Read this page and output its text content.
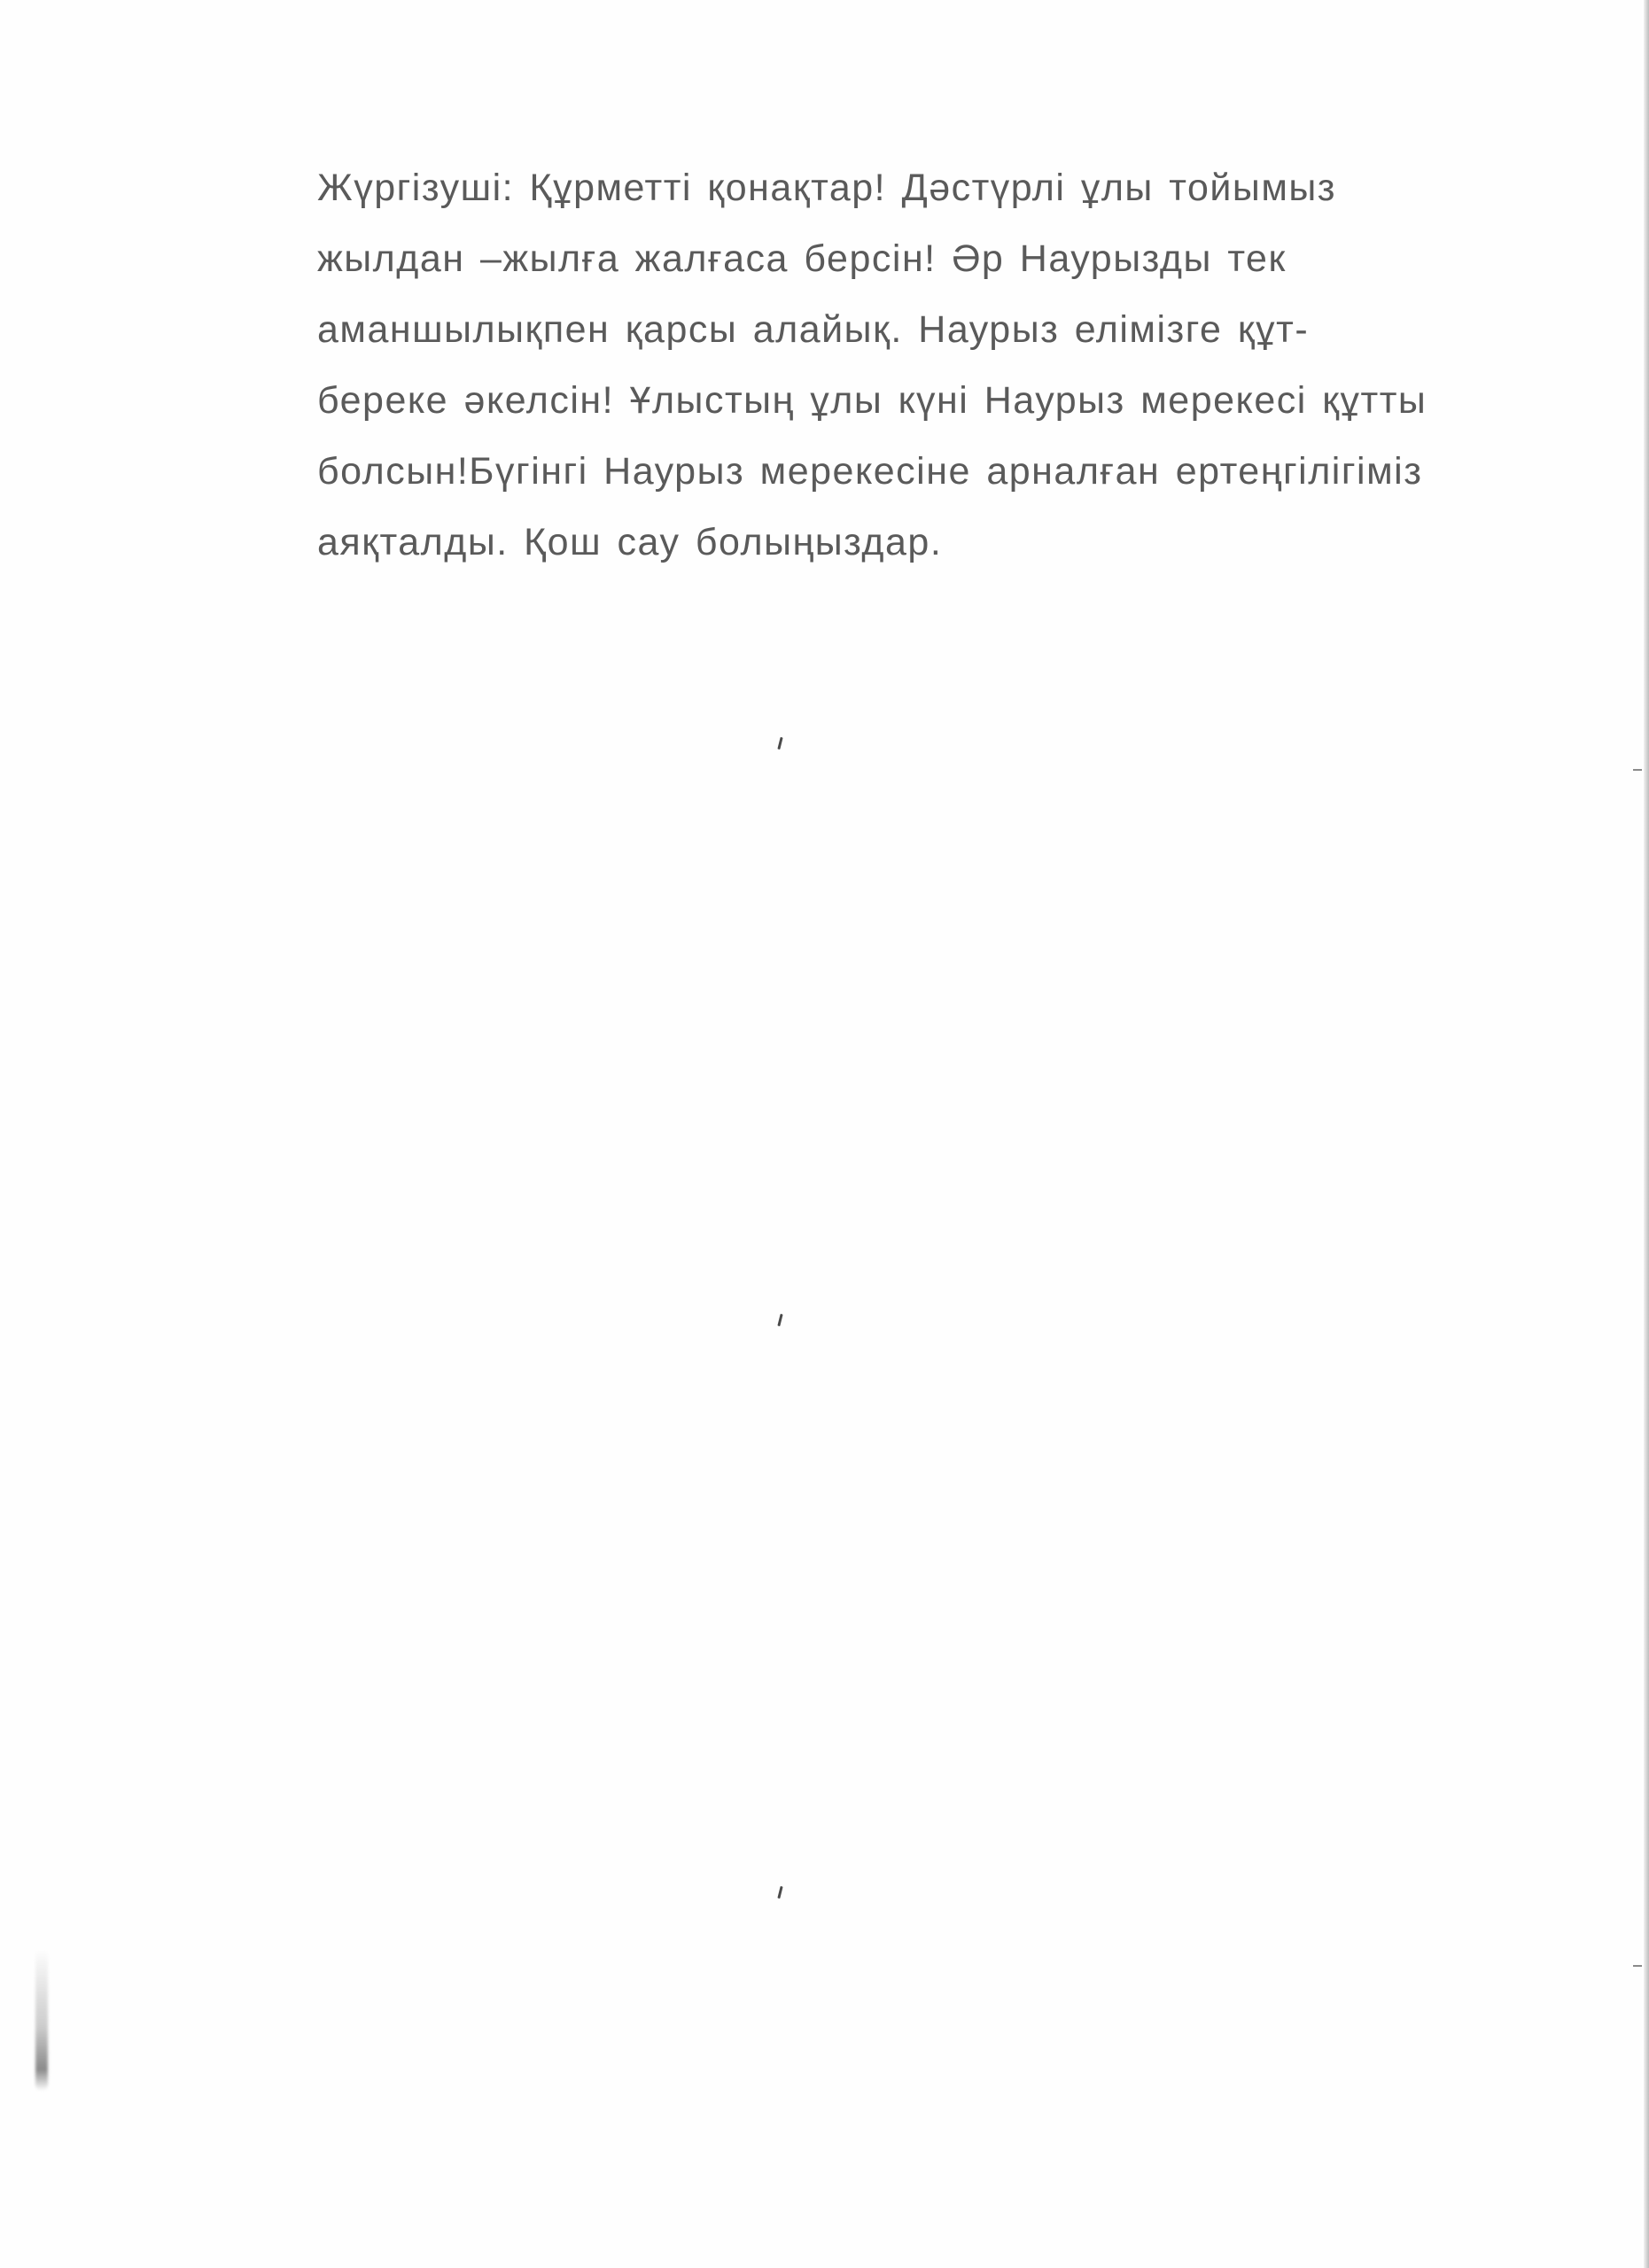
Жүргізуші: Құрметті қонақтар! Дәстүрлі ұлы тойымыз
жылдан –жылға жалғаса берсін! Әр Наурызды тек
аманшылықпен қарсы алайық. Наурыз елімізге құт-
береке әкелсін! Ұлыстың ұлы күні Наурыз мерекесі құтты
болсын!Бүгінгі Наурыз мерекесіне арналған ертеңгілігіміз
аяқталды. Қош сау болыңыздар.
